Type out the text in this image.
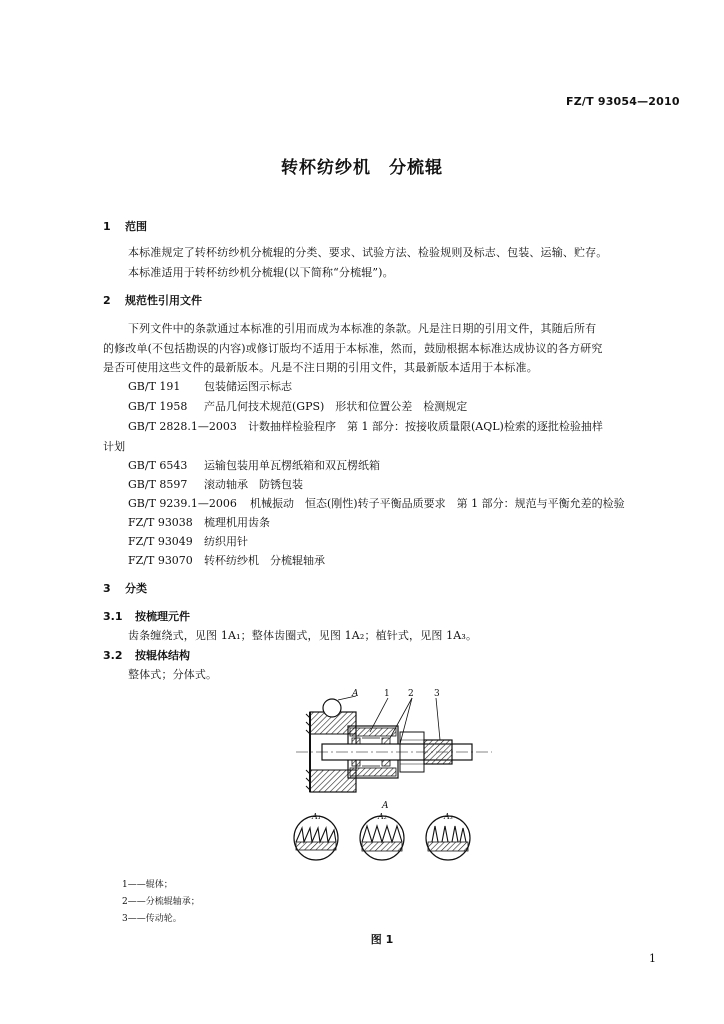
FZ/T 93054—2010
转杯纺纱机　分梳辊
1 范围
本标准规定了转杯纺纱机分梳辊的分类、要求、试验方法、检验规则及标志、包装、运输、贮存。
本标准适用于转杯纺纱机分梳辊(以下简称“分梳辊”)。
2 规范性引用文件
下列文件中的条款通过本标准的引用而成为本标准的条款。凡是注日期的引用文件，其随后所有
的修改单(不包括勘误的内容)或修订版均不适用于本标准，然而，鼓励根据本标准达成协议的各方研究
是否可使用这些文件的最新版本。凡是不注日期的引用文件，其最新版本适用于本标准。
GB/T 191 包装储运图示标志
GB/T 1958 产品几何技术规范(GPS)　形状和位置公差　检测规定
GB/T 2828.1—2003 计数抽样检验程序　第 1 部分：按接收质量限(AQL)检索的逐批检验抽样
计划
GB/T 6543 运输包装用单瓦楞纸箱和双瓦楞纸箱
GB/T 8597 滚动轴承　防锈包装
GB/T 9239.1—2006 机械振动　恒态(刚性)转子平衡品质要求　第 1 部分：规范与平衡允差的检验
FZ/T 93038 梳理机用齿条
FZ/T 93049 纺织用针
FZ/T 93070 转杯纺纱机　分梳辊轴承
3 分类
3.1 按梳理元件
齿条缠绕式，见图 1A₁；整体齿圈式，见图 1A₂；植针式，见图 1A₃。
3.2 按辊体结构
整体式；分体式。
A	1 2 3
A
A₁	A₂	A₃
1——辊体；
2——分梳辊轴承；
3——传动轮。
图 1
1
